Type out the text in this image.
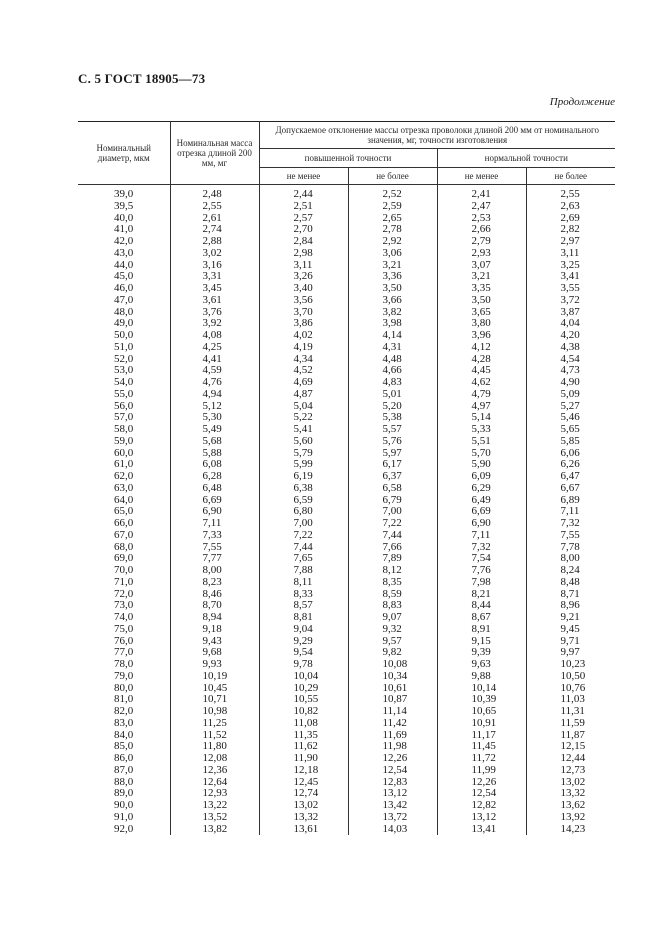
С. 5 ГОСТ 18905—73
Продолжение
Номинальный диаметр, мкм	Номинальная масса отрезка длиной 200 мм, мг	Допускаемое отклонение массы отрезка проволоки длиной 200 мм от номинального значения, мг, точности изготовления			
		повышенной точности		нормальной точности	
		не менее	не более	не менее	не более
39,0	2,48	2,44	2,52	2,41	2,55
39,5	2,55	2,51	2,59	2,47	2,63
40,0	2,61	2,57	2,65	2,53	2,69
41,0	2,74	2,70	2,78	2,66	2,82
42,0	2,88	2,84	2,92	2,79	2,97
43,0	3,02	2,98	3,06	2,93	3,11
44,0	3,16	3,11	3,21	3,07	3,25
45,0	3,31	3,26	3,36	3,21	3,41
46,0	3,45	3,40	3,50	3,35	3,55
47,0	3,61	3,56	3,66	3,50	3,72
48,0	3,76	3,70	3,82	3,65	3,87
49,0	3,92	3,86	3,98	3,80	4,04
50,0	4,08	4,02	4,14	3,96	4,20
51,0	4,25	4,19	4,31	4,12	4,38
52,0	4,41	4,34	4,48	4,28	4,54
53,0	4,59	4,52	4,66	4,45	4,73
54,0	4,76	4,69	4,83	4,62	4,90
55,0	4,94	4,87	5,01	4,79	5,09
56,0	5,12	5,04	5,20	4,97	5,27
57,0	5,30	5,22	5,38	5,14	5,46
58,0	5,49	5,41	5,57	5,33	5,65
59,0	5,68	5,60	5,76	5,51	5,85
60,0	5,88	5,79	5,97	5,70	6,06
61,0	6,08	5,99	6,17	5,90	6,26
62,0	6,28	6,19	6,37	6,09	6,47
63,0	6,48	6,38	6,58	6,29	6,67
64,0	6,69	6,59	6,79	6,49	6,89
65,0	6,90	6,80	7,00	6,69	7,11
66,0	7,11	7,00	7,22	6,90	7,32
67,0	7,33	7,22	7,44	7,11	7,55
68,0	7,55	7,44	7,66	7,32	7,78
69,0	7,77	7,65	7,89	7,54	8,00
70,0	8,00	7,88	8,12	7,76	8,24
71,0	8,23	8,11	8,35	7,98	8,48
72,0	8,46	8,33	8,59	8,21	8,71
73,0	8,70	8,57	8,83	8,44	8,96
74,0	8,94	8,81	9,07	8,67	9,21
75,0	9,18	9,04	9,32	8,91	9,45
76,0	9,43	9,29	9,57	9,15	9,71
77,0	9,68	9,54	9,82	9,39	9,97
78,0	9,93	9,78	10,08	9,63	10,23
79,0	10,19	10,04	10,34	9,88	10,50
80,0	10,45	10,29	10,61	10,14	10,76
81,0	10,71	10,55	10,87	10,39	11,03
82,0	10,98	10,82	11,14	10,65	11,31
83,0	11,25	11,08	11,42	10,91	11,59
84,0	11,52	11,35	11,69	11,17	11,87
85,0	11,80	11,62	11,98	11,45	12,15
86,0	12,08	11,90	12,26	11,72	12,44
87,0	12,36	12,18	12,54	11,99	12,73
88,0	12,64	12,45	12,83	12,26	13,02
89,0	12,93	12,74	13,12	12,54	13,32
90,0	13,22	13,02	13,42	12,82	13,62
91,0	13,52	13,32	13,72	13,12	13,92
92,0	13,82	13,61	14,03	13,41	14,23
